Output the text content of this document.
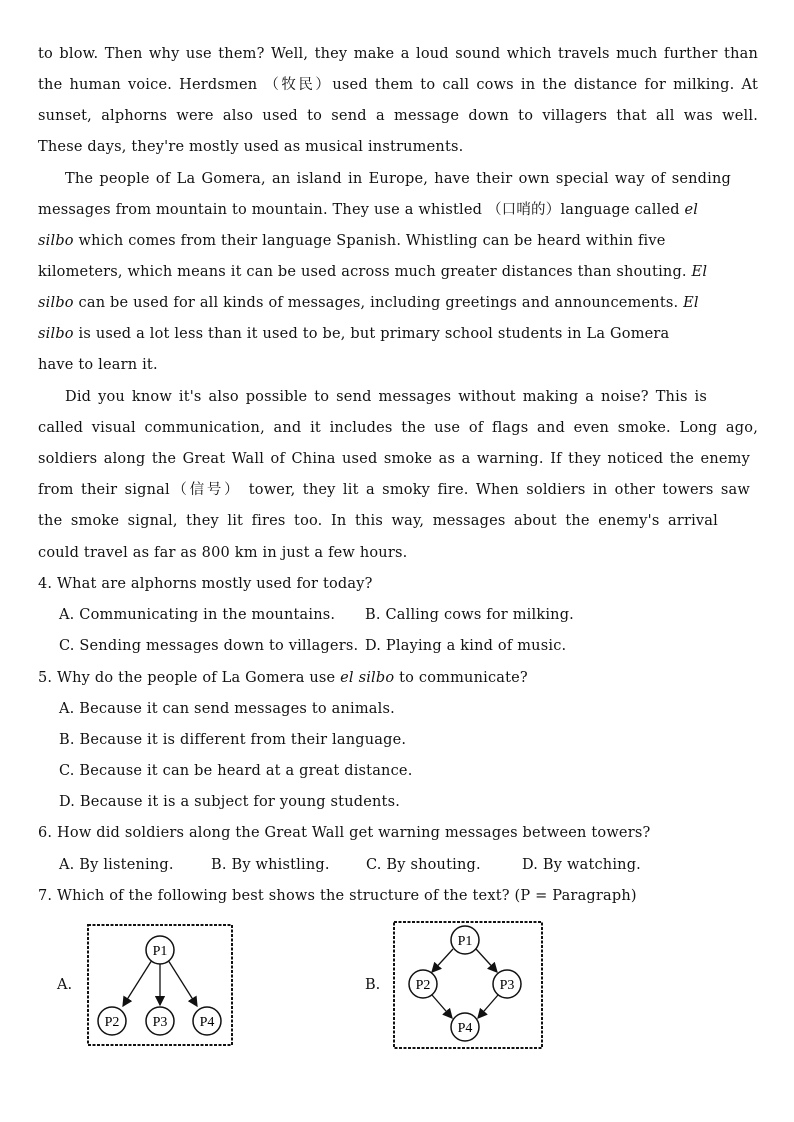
to blow. Then why use them? Well, they make a loud sound which travels much further than
the human voice. Herdsmen （牧民）used them to call cows in the distance for milking. At
sunset, alphorns were also used to send a message down to villagers that all was well.
These days, they're mostly used as musical instruments.
The people of La Gomera, an island in Europe, have their own special way of sending
messages from mountain to mountain. They use a whistled （口哨的）language called el
silbo which comes from their language Spanish. Whistling can be heard within five
kilometers, which means it can be used across much greater distances than shouting. El
silbo can be used for all kinds of messages, including greetings and announcements. El
silbo is used a lot less than it used to be, but primary school students in La Gomera
have to learn it.
Did you know it's also possible to send messages without making a noise? This is
called visual communication, and it includes the use of flags and even smoke. Long ago,
soldiers along the Great Wall of China used smoke as a warning. If they noticed the enemy
from their signal（信号） tower, they lit a smoky fire. When soldiers in other towers saw
the smoke signal, they lit fires too. In this way, messages about the enemy's arrival
could travel as far as 800 km in just a few hours.
4. What are alphorns mostly used for today?
A. Communicating in the mountains. B. Calling cows for milking.
C. Sending messages down to villagers. D. Playing a kind of music.
5. Why do the people of La Gomera use el silbo to communicate?
A. Because it can send messages to animals.
B. Because it is different from their language.
C. Because it can be heard at a great distance.
D. Because it is a subject for young students.
6. How did soldiers along the Great Wall get warning messages between towers?
A. By listening.	B. By whistling.	C. By shouting.	D. By watching.
7. Which of the following best shows the structure of the text? (P = Paragraph)
A.
P1
P2 P3 P4
B.
P1
P2	P3
P4
